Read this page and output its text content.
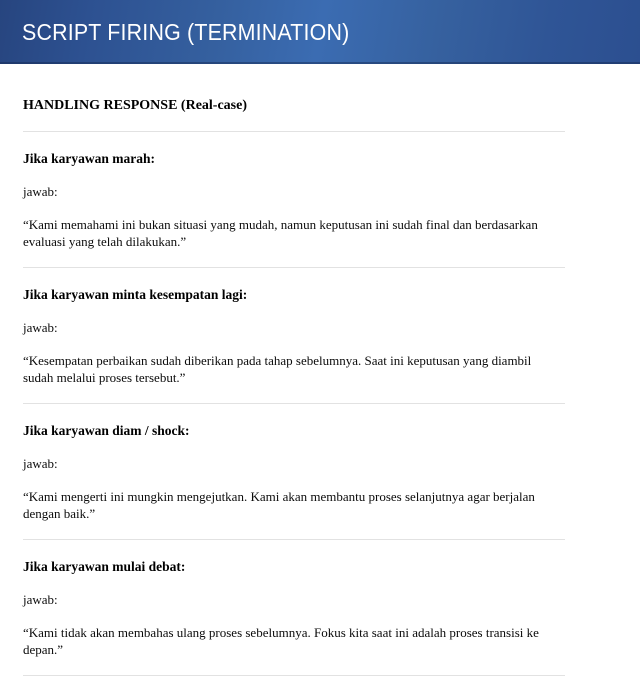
SCRIPT FIRING (TERMINATION)
HANDLING RESPONSE (Real-case)
Jika karyawan marah:
jawab:
“Kami memahami ini bukan situasi yang mudah, namun keputusan ini sudah final dan berdasarkan evaluasi yang telah dilakukan.”
Jika karyawan minta kesempatan lagi:
jawab:
“Kesempatan perbaikan sudah diberikan pada tahap sebelumnya. Saat ini keputusan yang diambil sudah melalui proses tersebut.”
Jika karyawan diam / shock:
jawab:
“Kami mengerti ini mungkin mengejutkan. Kami akan membantu proses selanjutnya agar berjalan dengan baik.”
Jika karyawan mulai debat:
jawab:
“Kami tidak akan membahas ulang proses sebelumnya. Fokus kita saat ini adalah proses transisi ke depan.”
